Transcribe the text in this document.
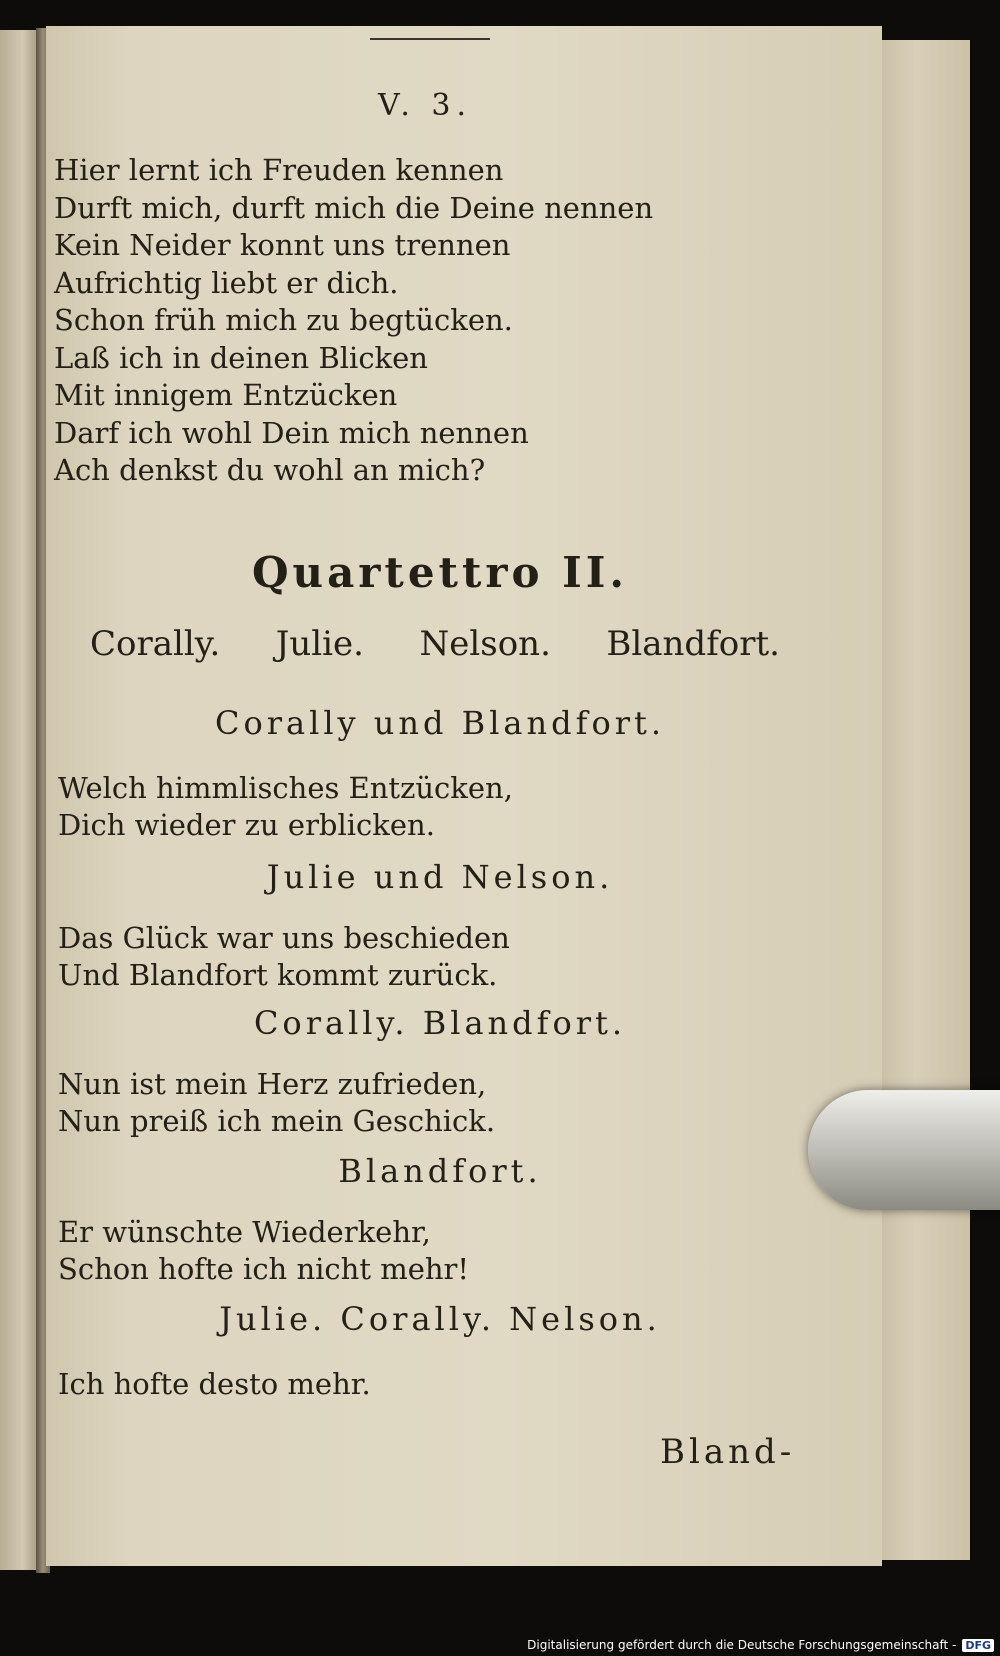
V. 3.
Hier lernt ich Freuden kennen
Durft mich, durft mich die Deine nennen
Kein Neider konnt uns trennen
Aufrichtig liebt er dich.
Schon früh mich zu begtücken.
Laß ich in deinen Blicken
Mit innigem Entzücken
Darf ich wohl Dein mich nennen
Ach denkst du wohl an mich?
Quartettro II.
Corally. Julie. Nelson. Blandfort.
Corally und Blandfort.
Welch himmlisches Entzücken,
Dich wieder zu erblicken.
Julie und Nelson.
Das Glück war uns beschieden
Und Blandfort kommt zurück.
Corally. Blandfort.
Nun ist mein Herz zufrieden,
Nun preiß ich mein Geschick.
Blandfort.
Er wünschte Wiederkehr,
Schon hofte ich nicht mehr!
Julie. Corally. Nelson.
Ich hofte desto mehr.
Bland-
Digitalisierung gefördert durch die Deutsche Forschungsgemeinschaft - DFG
